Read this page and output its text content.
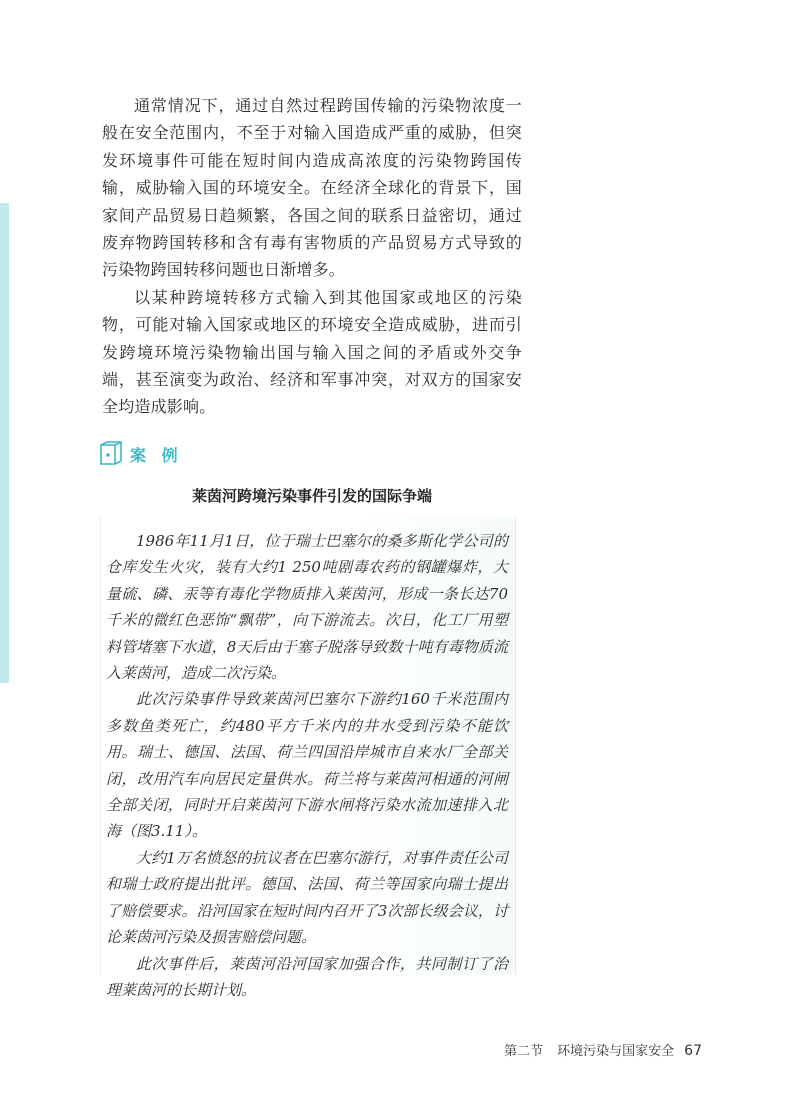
通常情况下，通过自然过程跨国传输的污染物浓度一般在安全范围内，不至于对输入国造成严重的威胁，但突发环境事件可能在短时间内造成高浓度的污染物跨国传输，威胁输入国的环境安全。在经济全球化的背景下，国家间产品贸易日趋频繁，各国之间的联系日益密切，通过废弃物跨国转移和含有毒有害物质的产品贸易方式导致的污染物跨国转移问题也日渐增多。

以某种跨境转移方式输入到其他国家或地区的污染物，可能对输入国家或地区的环境安全造成威胁，进而引发跨境环境污染物输出国与输入国之间的矛盾或外交争端，甚至演变为政治、经济和军事冲突，对双方的国家安全均造成影响。

案 例
莱茵河跨境污染事件引发的国际争端

1986年11月1日，位于瑞士巴塞尔的桑多斯化学公司的仓库发生火灾，装有大约1 250吨剧毒农药的钢罐爆炸，大量硫、磷、汞等有毒化学物质排入莱茵河，形成一条长达70千米的微红色恶饰“飘带”，向下游流去。次日，化工厂用塑料管堵塞下水道，8天后由于塞子脱落导致数十吨有毒物质流入莱茵河，造成二次污染。

此次污染事件导致莱茵河巴塞尔下游约160千米范围内多数鱼类死亡，约480平方千米内的井水受到污染不能饮用。瑞士、德国、法国、荷兰四国沿岸城市自来水厂全部关闭，改用汽车向居民定量供水。荷兰将与莱茵河相通的河闸全部关闭，同时开启莱茵河下游水闸将污染水流加速排入北海（图3.11）。

大约1万名愤怒的抗议者在巴塞尔游行，对事件责任公司和瑞士政府提出批评。德国、法国、荷兰等国家向瑞士提出了赔偿要求。沿河国家在短时间内召开了3次部长级会议，讨论莱茵河污染及损害赔偿问题。

此次事件后，莱茵河沿河国家加强合作，共同制订了治理莱茵河的长期计划。

第二节 环境污染与国家安全 67
